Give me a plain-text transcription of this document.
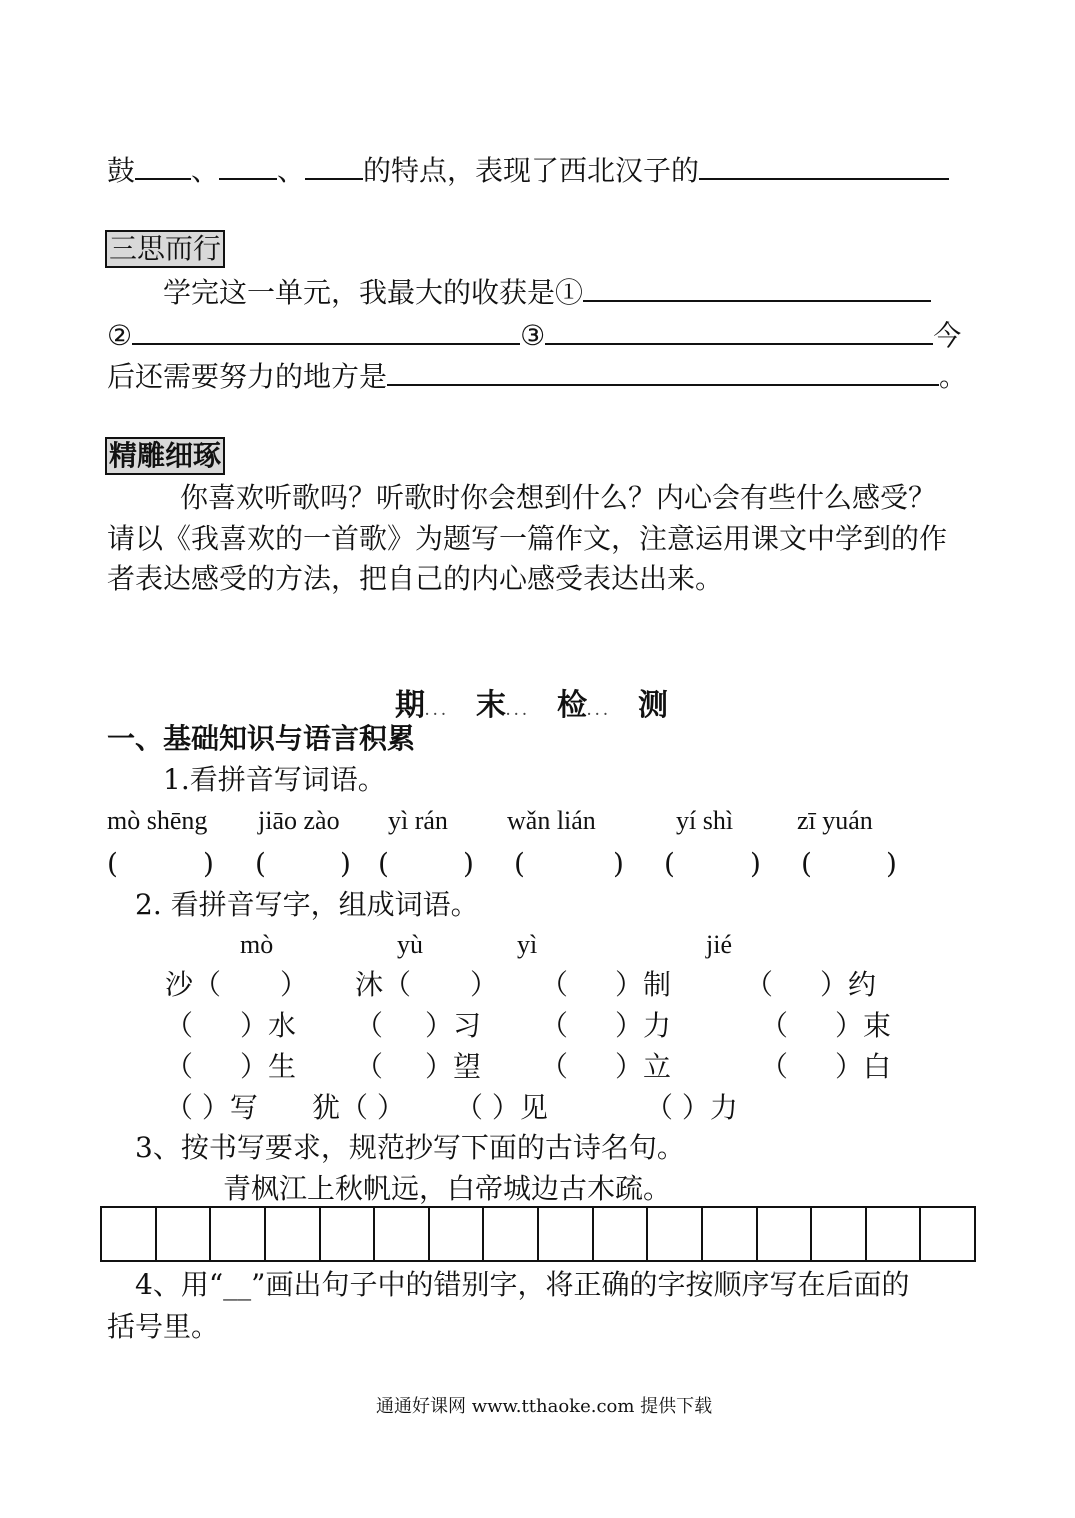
鼓 、 、 的特点，表现了西北汉子的
三思而行
学完这一单元，我最大的收获是①
②	③	今
后还需要努力的地方是	。
精雕细琢
你喜欢听歌吗？听歌时你会想到什么？内心会有些什么感受？
请以《我喜欢的一首歌》为题写一篇作文，注意运用课文中学到的作
者表达感受的方法，把自己的内心感受表达出来。
期... 末... 检... 测
一、基础知识与语言积累
1.看拼音写词语。
mò shēng jiāo zào yì rán wǎn lián	yí shì zī yuán
(	) (	) (	) (	) (	) (	)
2. 看拼音写字，组成词语。
mò	yù	yì	jié
沙（ ） 沐（ ） （ ）制	（ ）约
（ ）水 （ ）习 （ ）力	（ ）束
（ ）生 （ ）望 （ ）立	（ ）白
（ ）写 犹（ ） （ ）见	（ ）力
3、按书写要求，规范抄写下面的古诗名句。
青枫江上秋帆远，白帝城边古木疏。
4、用“__”画出句子中的错别字，将正确的字按顺序写在后面的
括号里。
通通好课网 www.tthaoke.com 提供下载
